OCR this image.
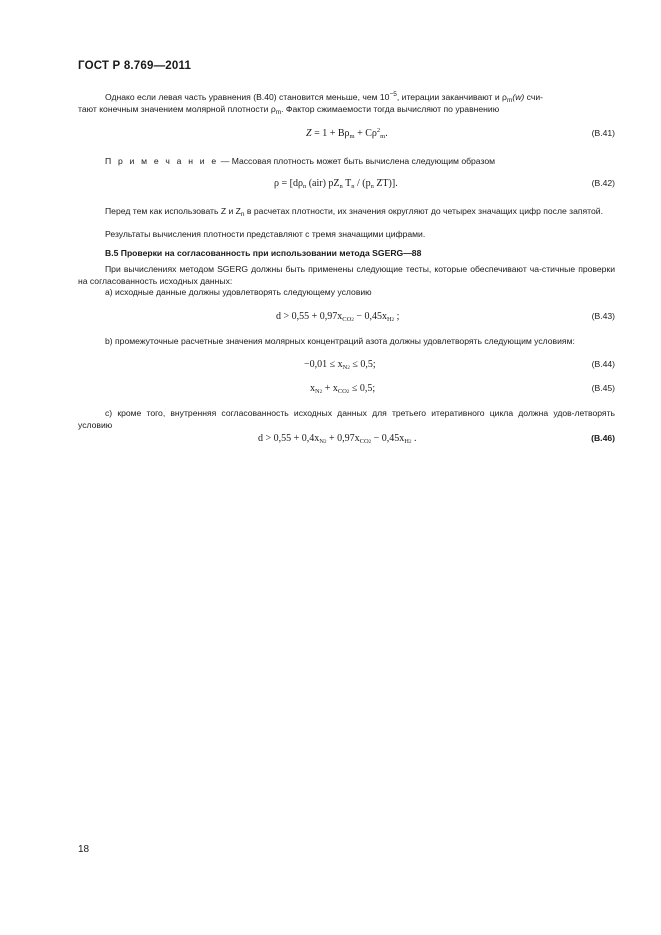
ГОСТ Р 8.769—2011
Однако если левая часть уравнения (B.40) становится меньше, чем $10^{-5}$, итерации заканчивают и $\rho_m(w)$ счи-
тают конечным значением молярной плотности $\rho_m$. Фактор сжимаемости тогда вычисляют по уравнению
$Z = 1 + B\rho_m + C\rho^2_m$.	(B.41)
П р и м е ч а н и е — Массовая плотность может быть вычислена следующим образом
$\rho = [d\rho_n$ (air) $pZ_n$ $T_n / (p_n$ ZT)].	(B.42)
Перед тем как использовать Z и $Z_n$ в расчетах плотности, их значения округляют до четырех значащих цифр после запятой.
Результаты вычисления плотности представляют с тремя значащими цифрами.
B.5 Проверки на согласованность при использовании метода SGERG—88
При вычислениях методом SGERG должны быть применены следующие тесты, которые обеспечивают ча-стичные проверки на согласованность исходных данных:
a) исходные данные должны удовлетворять следующему условию
$d > 0,55 + 0,97x_{CO2} - 0,45x_{H2}$ ;	(B.43)
b) промежуточные расчетные значения молярных концентраций азота должны удовлетворять следующим условиям:
$-0,01 \le x_{N2} \le 0,5$;	(B.44)
$x_{N2} + x_{CO2} \le 0,5$;	(B.45)
c) кроме того, внутренняя согласованность исходных данных для третьего итеративного цикла должна удов-летворять условию
$d > 0,55 + 0,4x_{N2} + 0,97x_{CO2} - 0,45x_{H2}$ .	(B.46)
18
